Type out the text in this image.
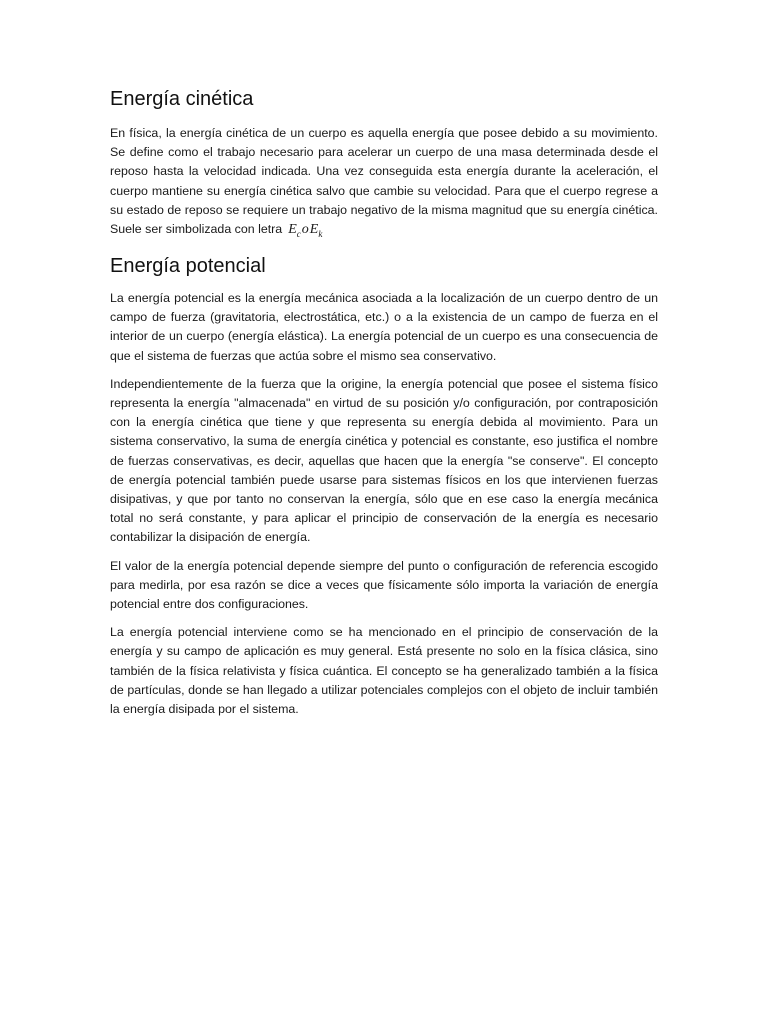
Energía cinética

En física, la energía cinética de un cuerpo es aquella energía que posee debido a su movimiento. Se define como el trabajo necesario para acelerar un cuerpo de una masa determinada desde el reposo hasta la velocidad indicada. Una vez conseguida esta energía durante la aceleración, el cuerpo mantiene su energía cinética salvo que cambie su velocidad. Para que el cuerpo regrese a su estado de reposo se requiere un trabajo negativo de la misma magnitud que su energía cinética. Suele ser simbolizada con letra $E_coE_k$

Energía potencial

La energía potencial es la energía mecánica asociada a la localización de un cuerpo dentro de un campo de fuerza (gravitatoria, electrostática, etc.) o a la existencia de un campo de fuerza en el interior de un cuerpo (energía elástica). La energía potencial de un cuerpo es una consecuencia de que el sistema de fuerzas que actúa sobre el mismo sea conservativo.

Independientemente de la fuerza que la origine, la energía potencial que posee el sistema físico representa la energía "almacenada" en virtud de su posición y/o configuración, por contraposición con la energía cinética que tiene y que representa su energía debida al movimiento. Para un sistema conservativo, la suma de energía cinética y potencial es constante, eso justifica el nombre de fuerzas conservativas, es decir, aquellas que hacen que la energía "se conserve". El concepto de energía potencial también puede usarse para sistemas físicos en los que intervienen fuerzas disipativas, y que por tanto no conservan la energía, sólo que en ese caso la energía mecánica total no será constante, y para aplicar el principio de conservación de la energía es necesario contabilizar la disipación de energía.

El valor de la energía potencial depende siempre del punto o configuración de referencia escogido para medirla, por esa razón se dice a veces que físicamente sólo importa la variación de energía potencial entre dos configuraciones.

La energía potencial interviene como se ha mencionado en el principio de conservación de la energía y su campo de aplicación es muy general. Está presente no solo en la física clásica, sino también de la física relativista y física cuántica. El concepto se ha generalizado también a la física de partículas, donde se han llegado a utilizar potenciales complejos con el objeto de incluir también la energía disipada por el sistema.
